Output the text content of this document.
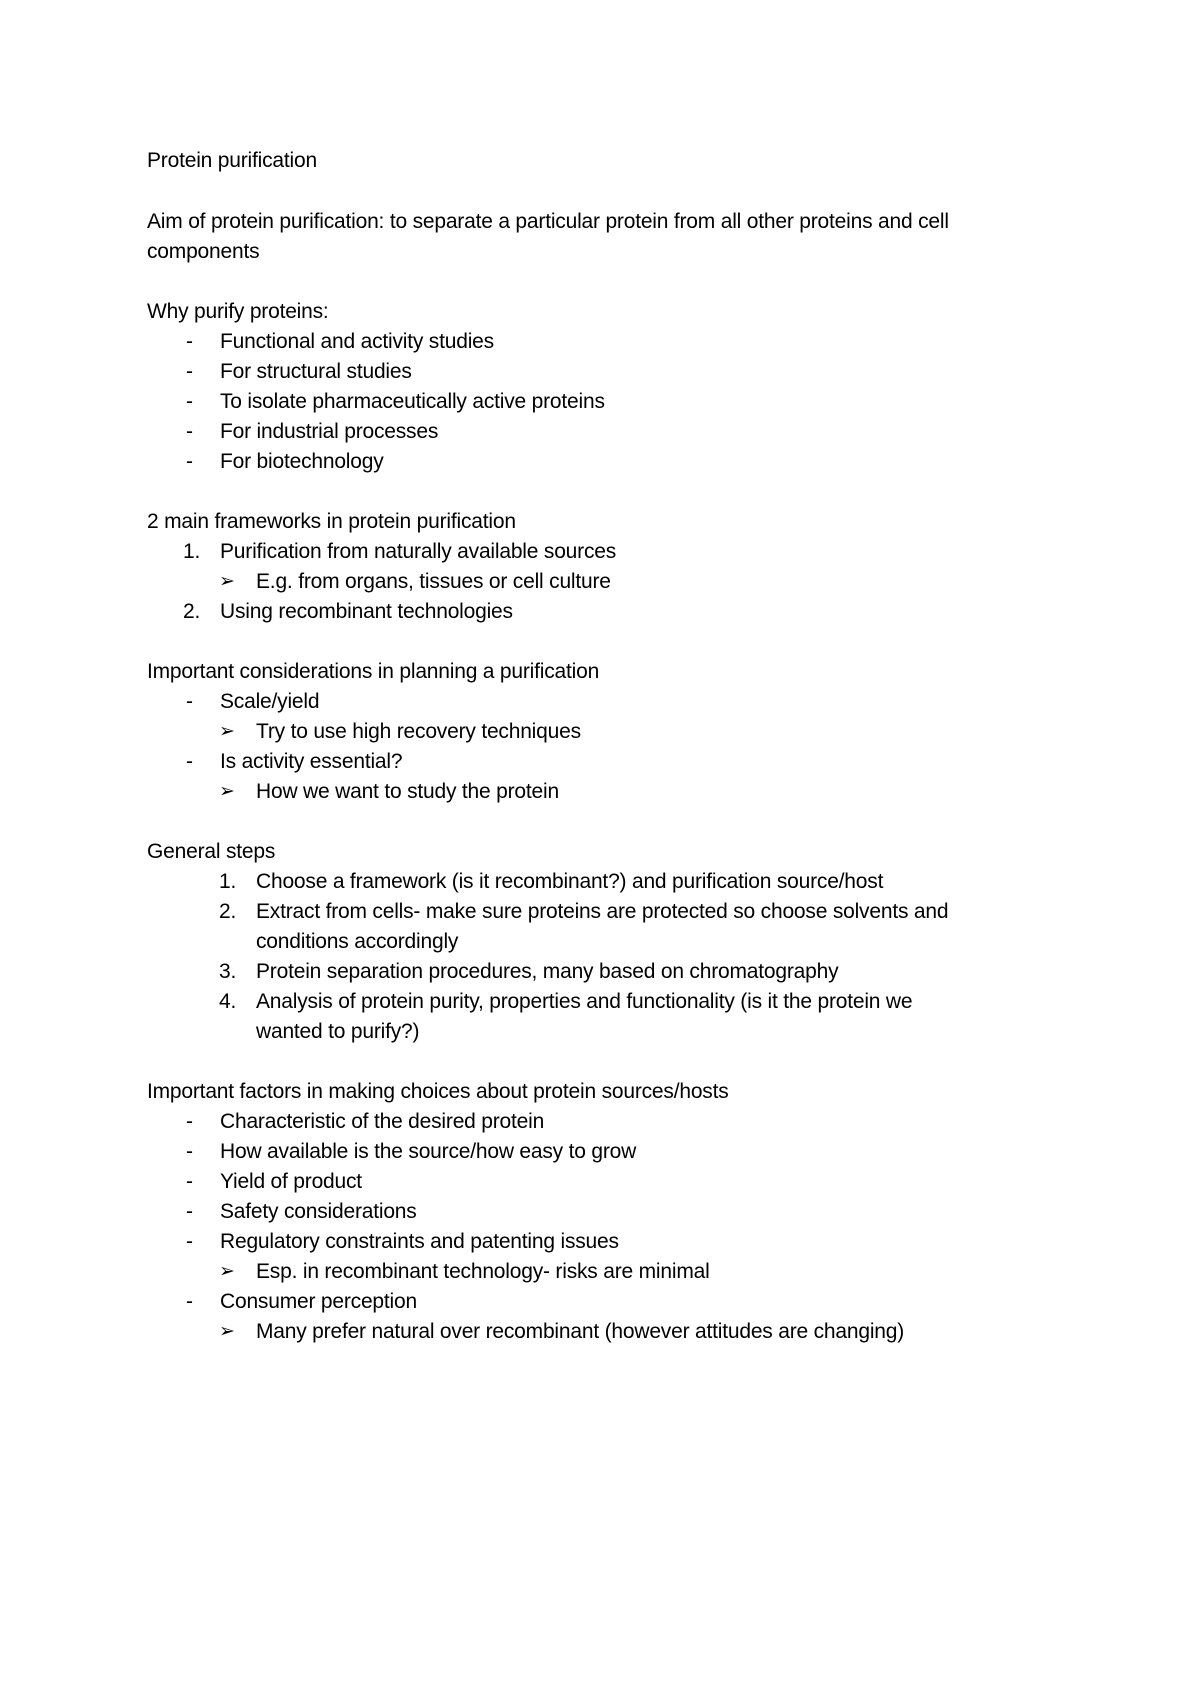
Protein purification
Aim of protein purification: to separate a particular protein from all other proteins and cell
components
Why purify proteins:
- Functional and activity studies
- For structural studies
- To isolate pharmaceutically active proteins
- For industrial processes
- For biotechnology
2 main frameworks in protein purification
1. Purification from naturally available sources
➢ E.g. from organs, tissues or cell culture
2. Using recombinant technologies
Important considerations in planning a purification
- Scale/yield
➢ Try to use high recovery techniques
- Is activity essential?
➢ How we want to study the protein
General steps
1. Choose a framework (is it recombinant?) and purification source/host
2. Extract from cells- make sure proteins are protected so choose solvents and
conditions accordingly
3. Protein separation procedures, many based on chromatography
4. Analysis of protein purity, properties and functionality (is it the protein we
wanted to purify?)
Important factors in making choices about protein sources/hosts
- Characteristic of the desired protein
- How available is the source/how easy to grow
- Yield of product
- Safety considerations
- Regulatory constraints and patenting issues
➢ Esp. in recombinant technology- risks are minimal
- Consumer perception
➢ Many prefer natural over recombinant (however attitudes are changing)
